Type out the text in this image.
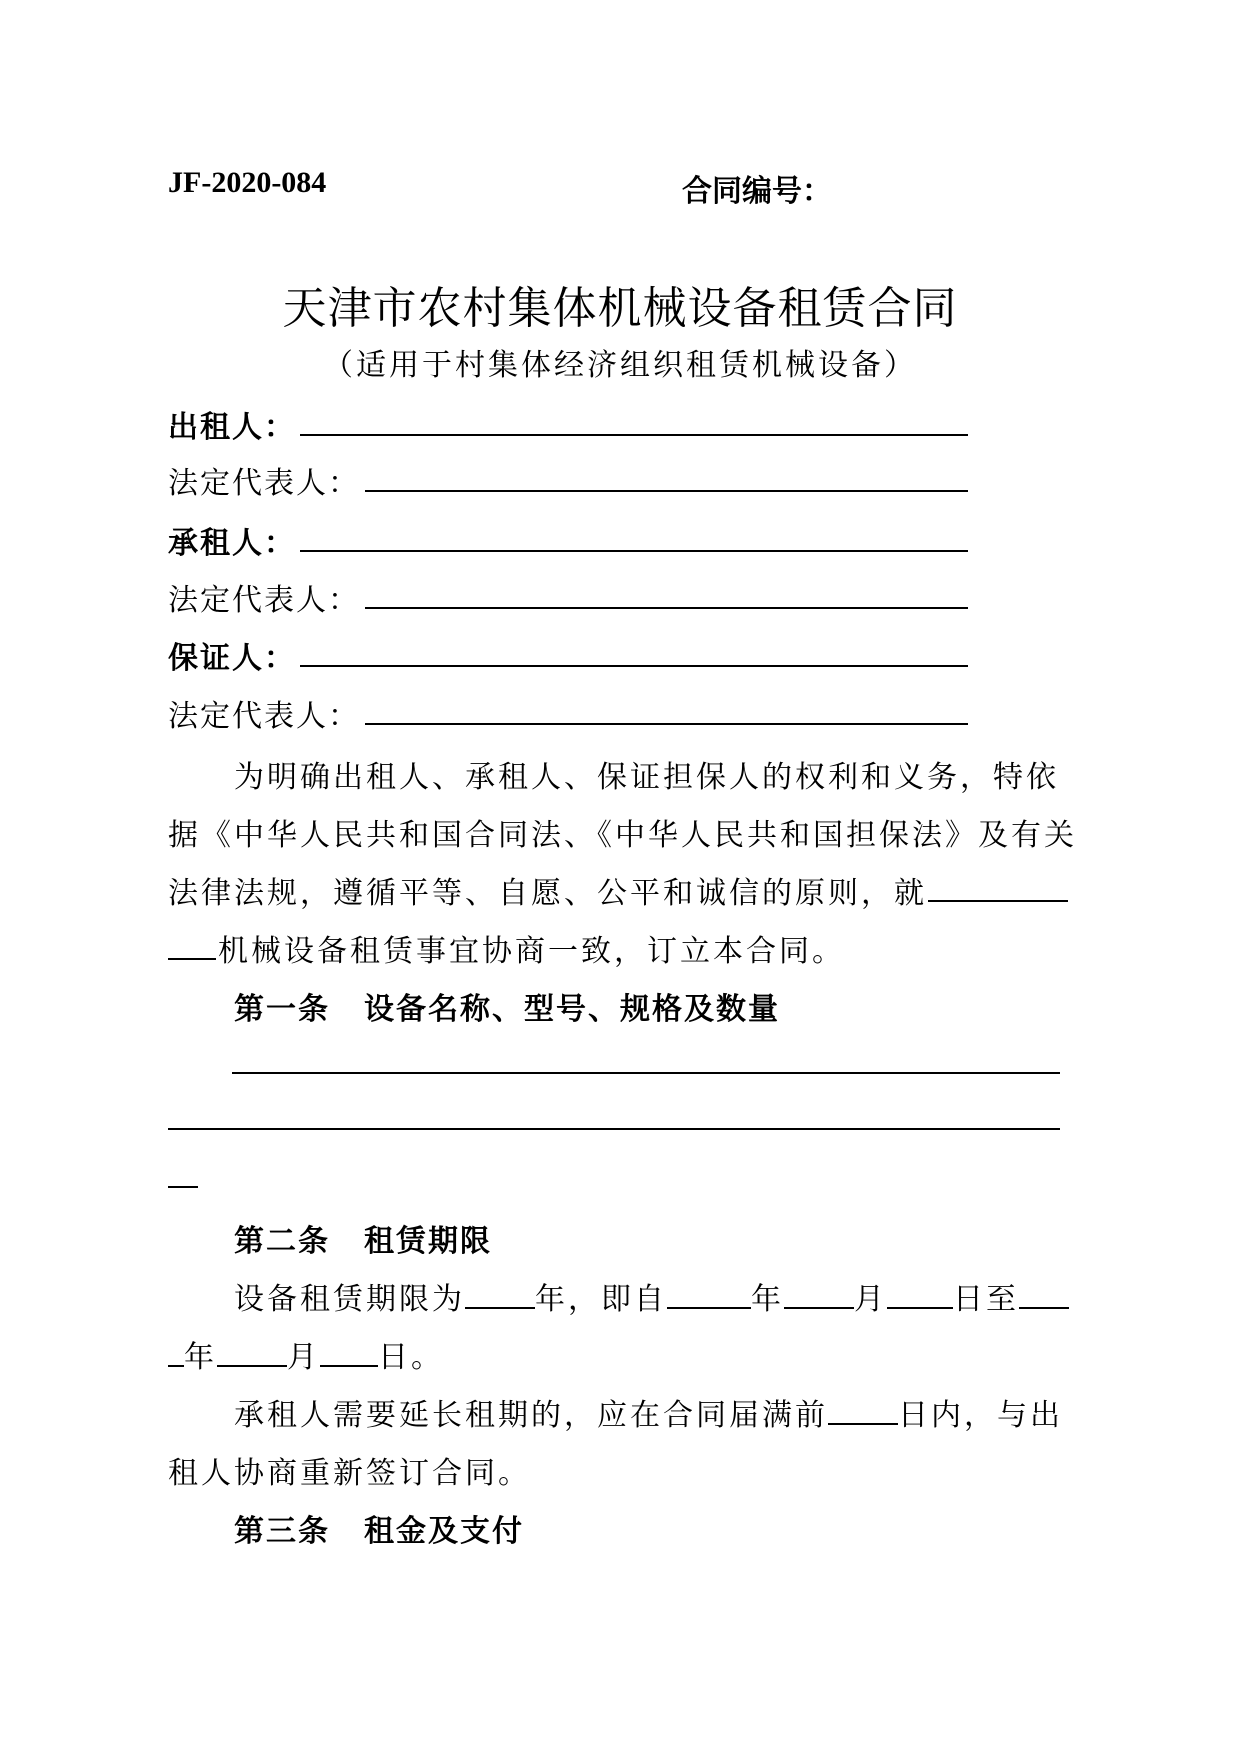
JF-2020-084	合同编号：
天津市农村集体机械设备租赁合同
（适用于村集体经济组织租赁机械设备）
出租人：
法定代表人：
承租人：
法定代表人：
保证人：
法定代表人：
为明确出租人、承租人、保证担保人的权利和义务，特依
据《中华人民共和国合同法、《中华人民共和国担保法》及有关
法律法规，遵循平等、自愿、公平和诚信的原则，就
机械设备租赁事宜协商一致，订立本合同。
第一条 设备名称、型号、规格及数量
第二条 租赁期限
设备租赁期限为 年，即自	年 月 日至
年 月 日。
承租人需要延长租期的，应在合同届满前 日内，与出
租人协商重新签订合同。
第三条 租金及支付
